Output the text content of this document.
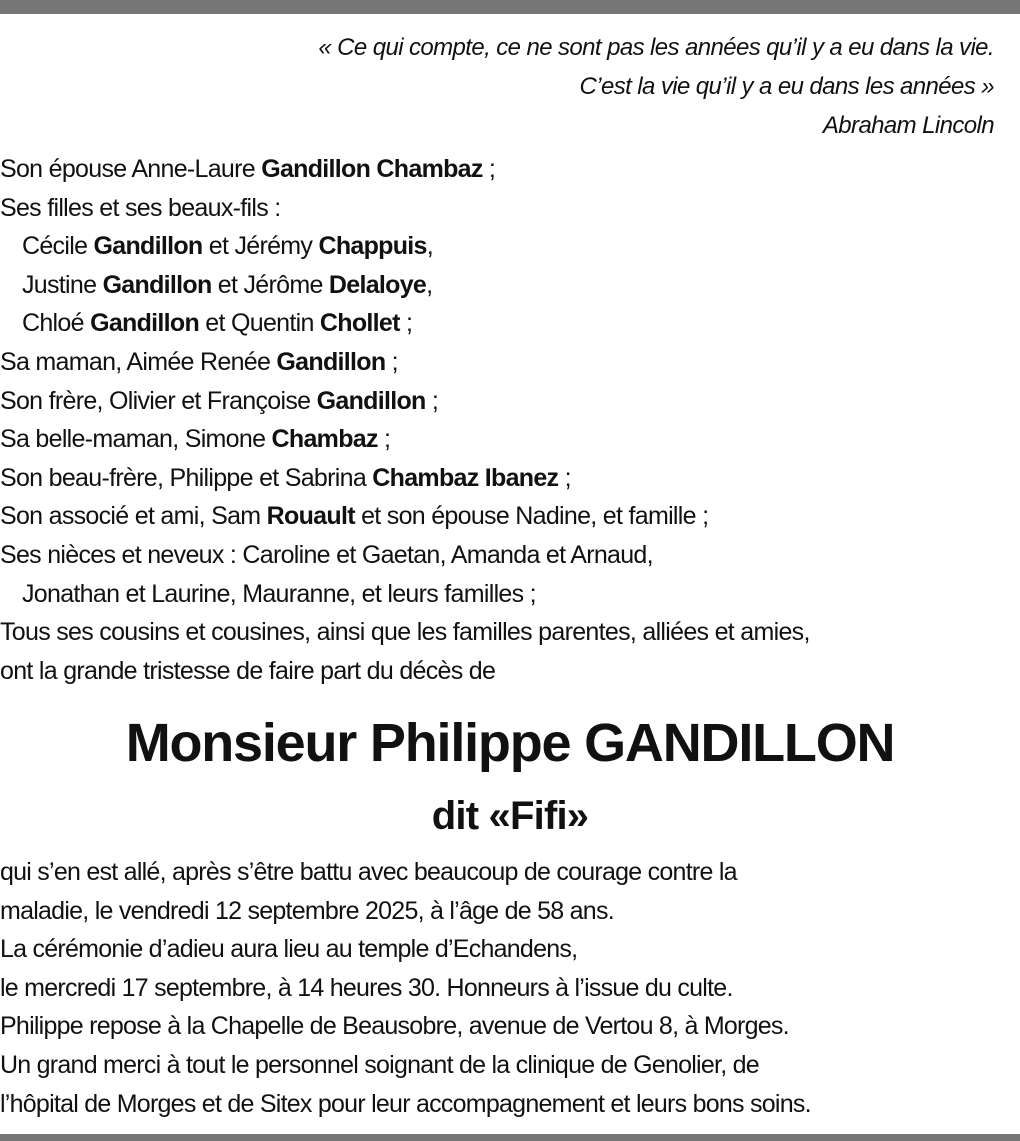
« Ce qui compte, ce ne sont pas les années qu’il y a eu dans la vie.
C’est la vie qu’il y a eu dans les années »
Abraham Lincoln
Son épouse Anne-Laure Gandillon Chambaz ;
Ses filles et ses beaux-fils :
Cécile Gandillon et Jérémy Chappuis,
Justine Gandillon et Jérôme Delaloye,
Chloé Gandillon et Quentin Chollet ;
Sa maman, Aimée Renée Gandillon ;
Son frère, Olivier et Françoise Gandillon ;
Sa belle-maman, Simone Chambaz ;
Son beau-frère, Philippe et Sabrina Chambaz Ibanez ;
Son associé et ami, Sam Rouault et son épouse Nadine, et famille ;
Ses nièces et neveux : Caroline et Gaetan, Amanda et Arnaud,
Jonathan et Laurine, Mauranne, et leurs familles ;
Tous ses cousins et cousines, ainsi que les familles parentes, alliées et amies,
ont la grande tristesse de faire part du décès de
Monsieur Philippe GANDILLON
dit «Fifi»
qui s’en est allé, après s’être battu avec beaucoup de courage contre la
maladie, le vendredi 12 septembre 2025, à l’âge de 58 ans.
La cérémonie d’adieu aura lieu au temple d’Echandens,
le mercredi 17 septembre, à 14 heures 30. Honneurs à l’issue du culte.
Philippe repose à la Chapelle de Beausobre, avenue de Vertou 8, à Morges.
Un grand merci à tout le personnel soignant de la clinique de Genolier, de
l’hôpital de Morges et de Sitex pour leur accompagnement et leurs bons soins.
